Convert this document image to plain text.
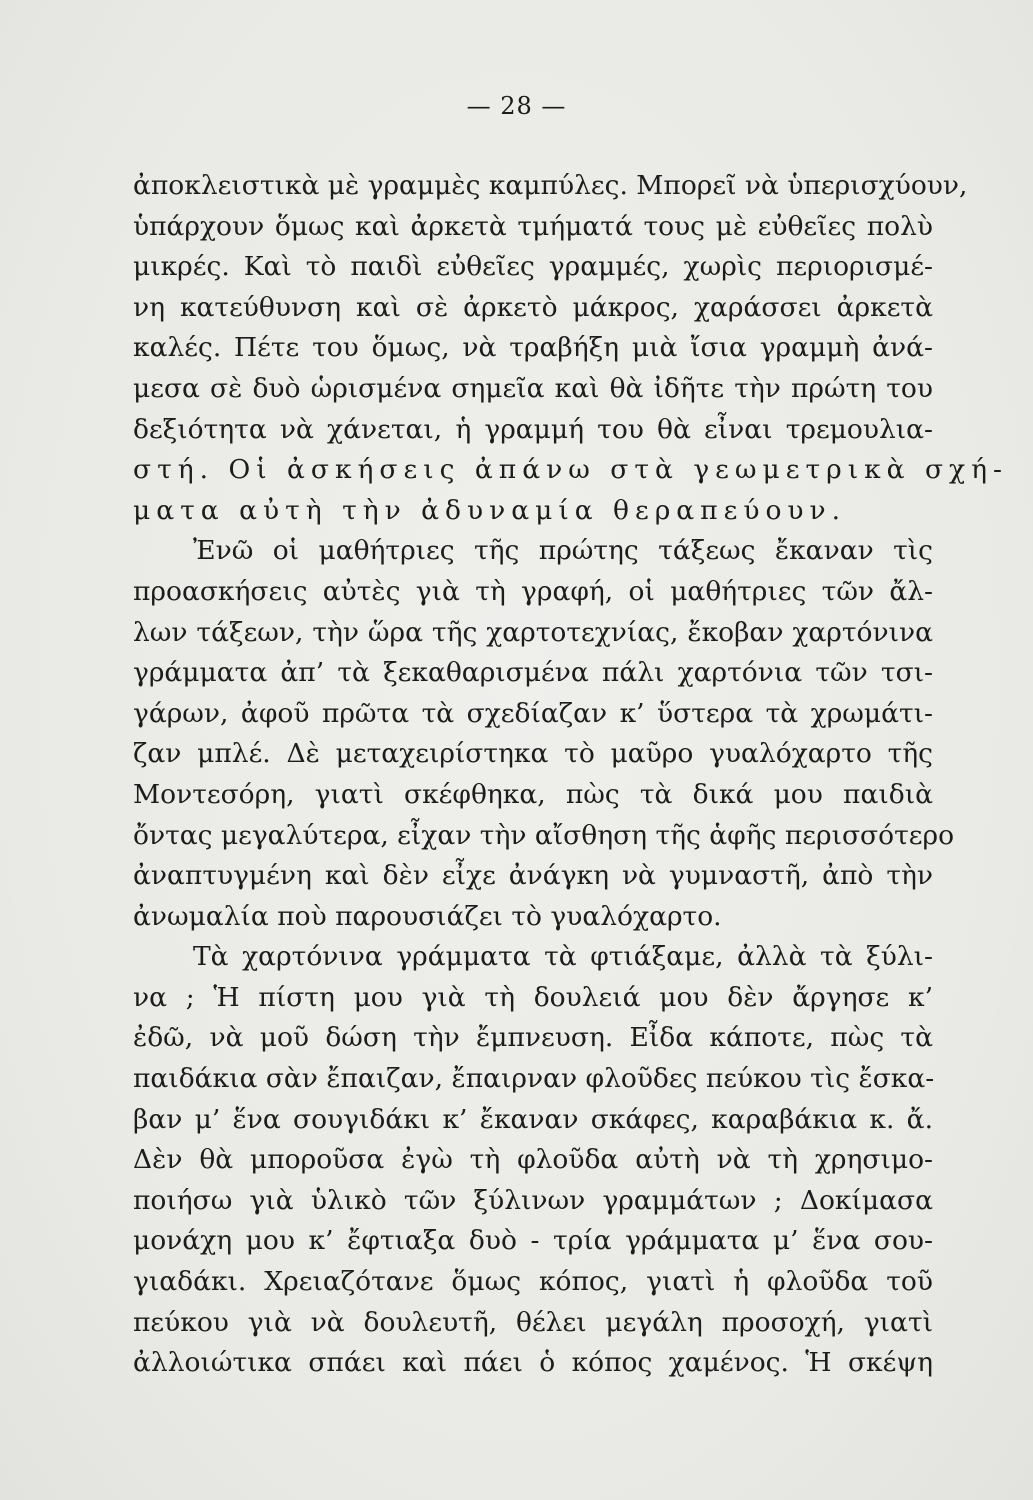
— 28 —
ἀποκλειστικὰ μὲ γραμμὲς καμπύλες. Μπορεῖ νὰ ὑπερισχύουν,
ὑπάρχουν ὅμως καὶ ἀρκετὰ τμήματά τους μὲ εὐθεῖες πολὺ
μικρές. Καὶ τὸ παιδὶ εὐθεῖες γραμμές, χωρὶς περιορισμέ-
νη κατεύθυνση καὶ σὲ ἀρκετὸ μάκρος, χαράσσει ἀρκετὰ
καλές. Πέτε του ὅμως, νὰ τραβήξη μιὰ ἴσια γραμμὴ ἀνά-
μεσα σὲ δυὸ ὡρισμένα σημεῖα καὶ θὰ ἰδῆτε τὴν πρώτη του
δεξιότητα νὰ χάνεται, ἡ γραμμή του θὰ εἶναι τρεμουλια-
στή. Οἱ ἀσκήσεις ἀπάνω στὰ γεωμετρικὰ σχή-
ματα αὐτὴ τὴν ἀδυναμία θεραπεύουν.
Ἐνῶ οἱ μαθήτριες τῆς πρώτης τάξεως ἔκαναν τὶς
προασκήσεις αὐτὲς γιὰ τὴ γραφή, οἱ μαθήτριες τῶν ἄλ-
λων τάξεων, τὴν ὥρα τῆς χαρτοτεχνίας, ἔκοβαν χαρτόνινα
γράμματα ἀπ’ τὰ ξεκαθαρισμένα πάλι χαρτόνια τῶν τσι-
γάρων, ἀφοῦ πρῶτα τὰ σχεδίαζαν κ’ ὕστερα τὰ χρωμάτι-
ζαν μπλέ. Δὲ μεταχειρίστηκα τὸ μαῦρο γυαλόχαρτο τῆς
Μοντεσόρη, γιατὶ σκέφθηκα, πὼς τὰ δικά μου παιδιὰ
ὄντας μεγαλύτερα, εἶχαν τὴν αἴσθηση τῆς ἁφῆς περισσότερο
ἀναπτυγμένη καὶ δὲν εἶχε ἀνάγκη νὰ γυμναστῆ, ἀπὸ τὴν
ἀνωμαλία ποὺ παρουσιάζει τὸ γυαλόχαρτο.
Τὰ χαρτόνινα γράμματα τὰ φτιάξαμε, ἀλλὰ τὰ ξύλι-
να ; Ἡ πίστη μου γιὰ τὴ δουλειά μου δὲν ἄργησε κ’
ἐδῶ, νὰ μοῦ δώση τὴν ἔμπνευση. Εἶδα κάποτε, πὼς τὰ
παιδάκια σὰν ἔπαιζαν, ἔπαιρναν φλοῦδες πεύκου τὶς ἔσκα-
βαν μ’ ἕνα σουγιδάκι κ’ ἔκαναν σκάφες, καραβάκια κ. ἄ.
Δὲν θὰ μποροῦσα ἐγὼ τὴ φλοῦδα αὐτὴ νὰ τὴ χρησιμο-
ποιήσω γιὰ ὑλικὸ τῶν ξύλινων γραμμάτων ; Δοκίμασα
μονάχη μου κ’ ἔφτιαξα δυὸ - τρία γράμματα μ’ ἕνα σου-
γιαδάκι. Χρειαζότανε ὅμως κόπος, γιατὶ ἡ φλοῦδα τοῦ
πεύκου γιὰ νὰ δουλευτῆ, θέλει μεγάλη προσοχή, γιατὶ
ἀλλοιώτικα σπάει καὶ πάει ὁ κόπος χαμένος. Ἡ σκέψη
